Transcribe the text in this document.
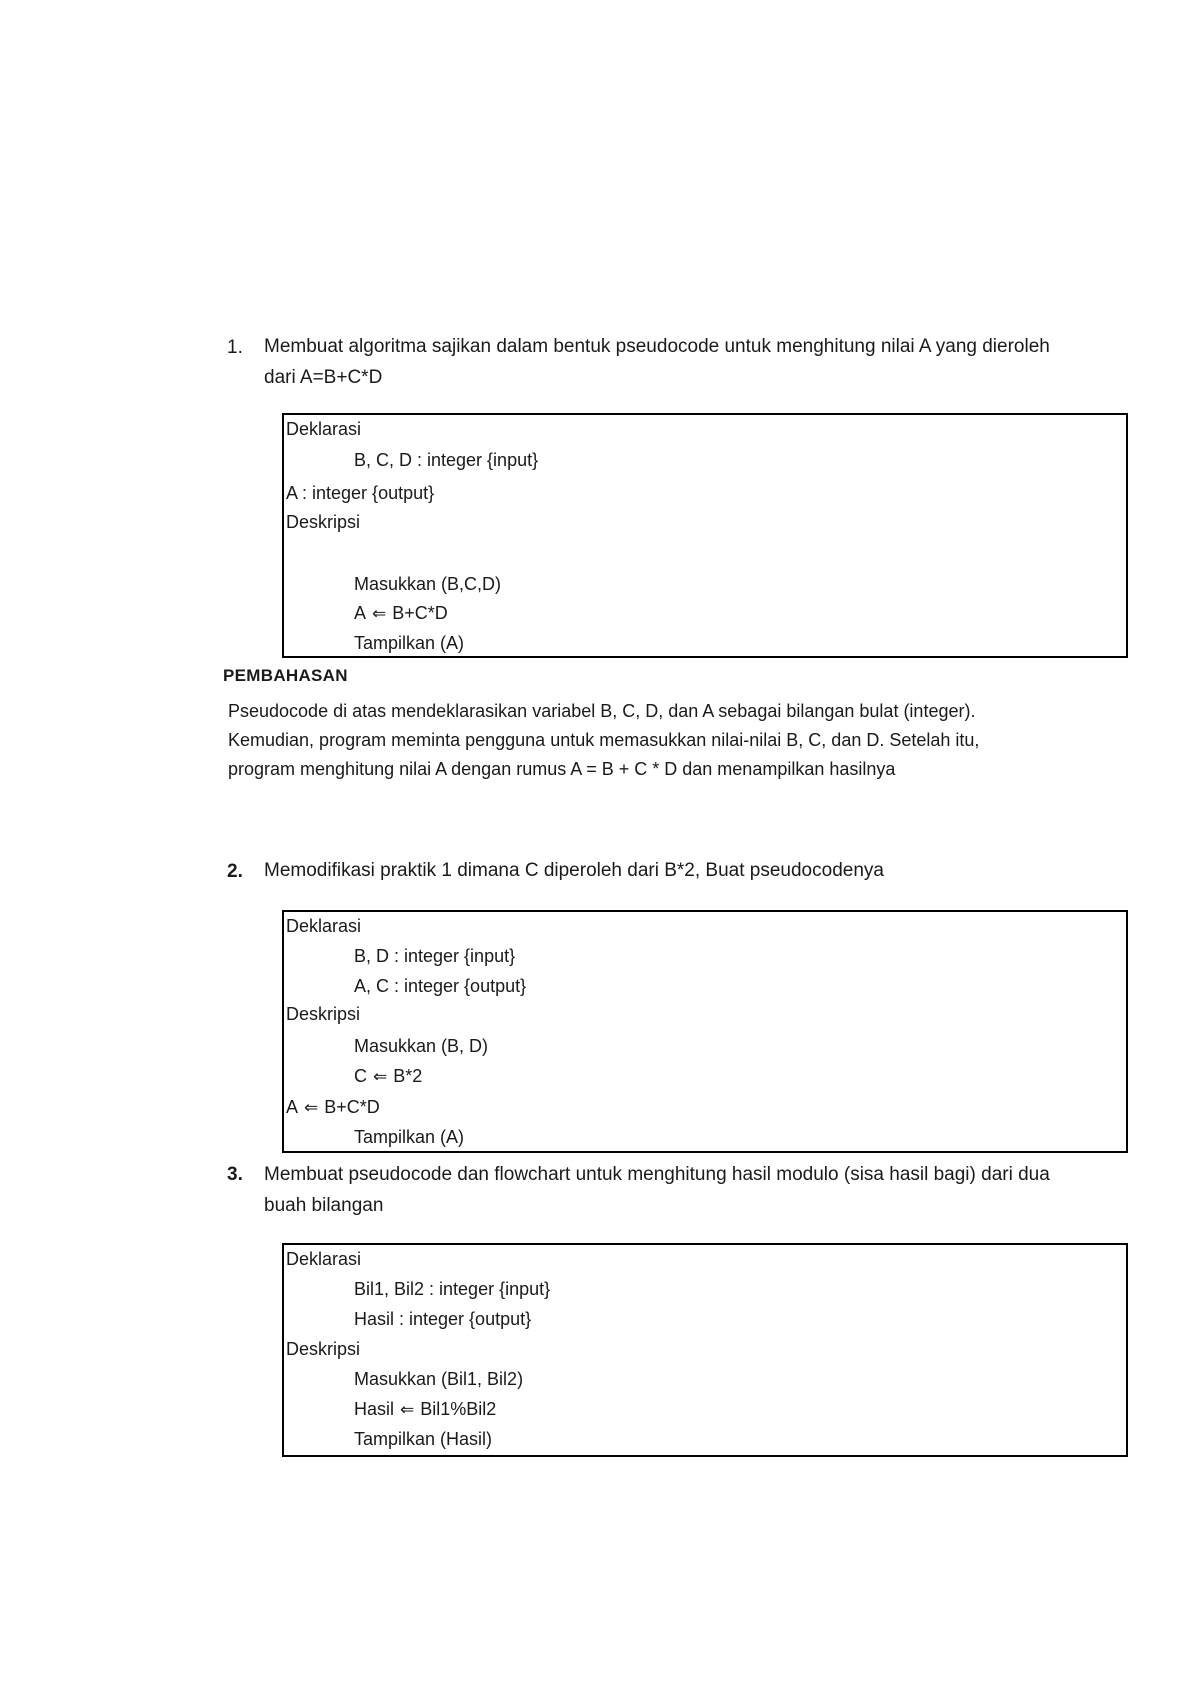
1. Membuat algoritma sajikan dalam bentuk pseudocode untuk menghitung nilai A yang dieroleh dari A=B+C*D
Deklarasi
B, C, D : integer {input}
A : integer {output}
Deskripsi
Masukkan (B,C,D)
A ⇐ B+C*D
Tampilkan (A)
PEMBAHASAN
Pseudocode di atas mendeklarasikan variabel B, C, D, dan A sebagai bilangan bulat (integer). Kemudian, program meminta pengguna untuk memasukkan nilai-nilai B, C, dan D. Setelah itu, program menghitung nilai A dengan rumus A = B + C * D dan menampilkan hasilnya
2. Memodifikasi praktik 1 dimana C diperoleh dari B*2, Buat pseudocodenya
Deklarasi
B, D : integer {input}
A, C : integer {output}
Deskripsi
Masukkan (B, D)
C ⇐ B*2
A ⇐ B+C*D
Tampilkan (A)
3. Membuat pseudocode dan flowchart untuk menghitung hasil modulo (sisa hasil bagi) dari dua buah bilangan
Deklarasi
Bil1, Bil2 : integer {input}
Hasil : integer {output}
Deskripsi
Masukkan (Bil1, Bil2)
Hasil ⇐ Bil1%Bil2
Tampilkan (Hasil)
